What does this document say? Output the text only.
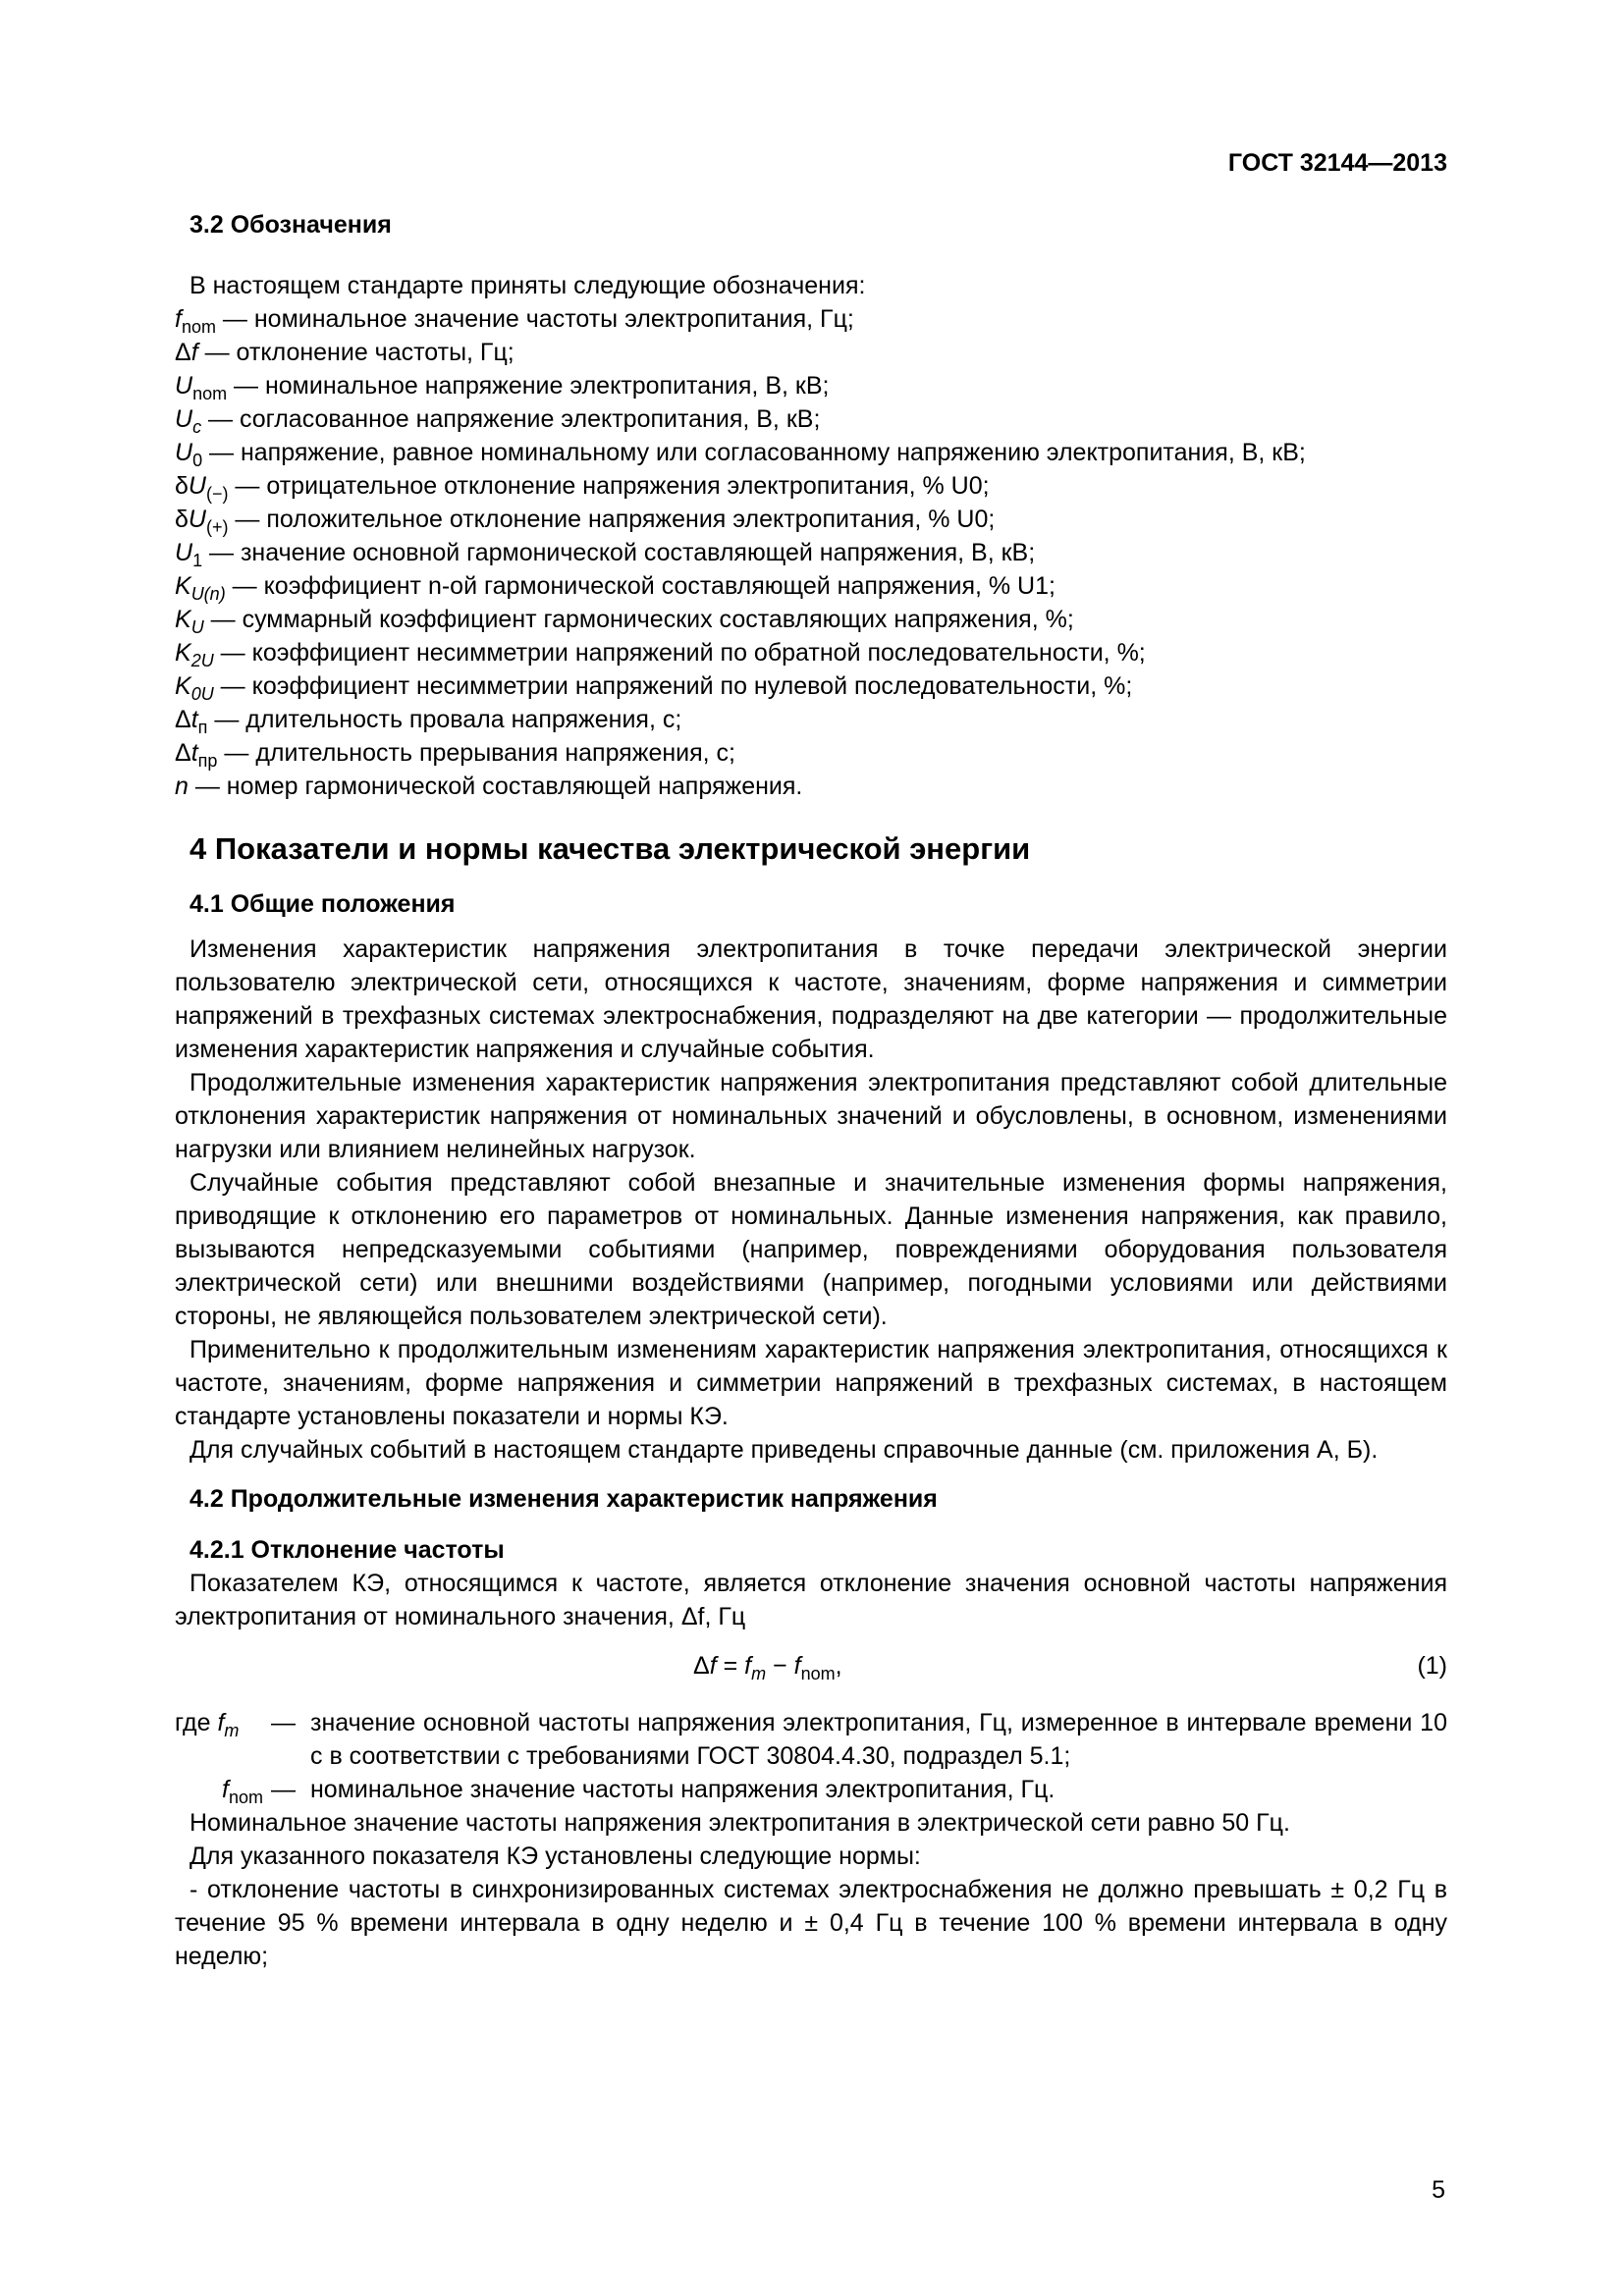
ГОСТ 32144—2013
3.2 Обозначения
В настоящем стандарте приняты следующие обозначения:
$f_{nom}$ — номинальное значение частоты электропитания, Гц;
Δf — отклонение частоты, Гц;
$U_{nom}$ — номинальное напряжение электропитания, В, кВ;
$U_c$ — согласованное напряжение электропитания, В, кВ;
$U_0$ — напряжение, равное номинальному или согласованному напряжению электропитания, В, кВ;
$\delta U_{(-)}$ — отрицательное отклонение напряжения электропитания, % U0;
$\delta U_{(+)}$ — положительное отклонение напряжения электропитания, % U0;
$U_1$ — значение основной гармонической составляющей напряжения, В, кВ;
$K_{U(n)}$ — коэффициент n-ой гармонической составляющей напряжения, % U1;
$K_U$ — суммарный коэффициент гармонических составляющих напряжения, %;
$K_{2U}$ — коэффициент несимметрии напряжений по обратной последовательности, %;
$K_{0U}$ — коэффициент несимметрии напряжений по нулевой последовательности, %;
$\Delta t_п$ — длительность провала напряжения, с;
$\Delta t_{пр}$ — длительность прерывания напряжения, с;
n — номер гармонической составляющей напряжения.
4 Показатели и нормы качества электрической энергии
4.1 Общие положения

Изменения характеристик напряжения электропитания в точке передачи электрической энергии пользователю электрической сети, относящихся к частоте, значениям, форме напряжения и симметрии напряжений в трехфазных системах электроснабжения, подразделяют на две категории — продолжительные изменения характеристик напряжения и случайные события.

Продолжительные изменения характеристик напряжения электропитания представляют собой длительные отклонения характеристик напряжения от номинальных значений и обусловлены, в основном, изменениями нагрузки или влиянием нелинейных нагрузок.

Случайные события представляют собой внезапные и значительные изменения формы напряжения, приводящие к отклонению его параметров от номинальных. Данные изменения напряжения, как правило, вызываются непредсказуемыми событиями (например, повреждениями оборудования пользователя электрической сети) или внешними воздействиями (например, погодными условиями или действиями стороны, не являющейся пользователем электрической сети).

Применительно к продолжительным изменениям характеристик напряжения электропитания, относящихся к частоте, значениям, форме напряжения и симметрии напряжений в трехфазных системах, в настоящем стандарте установлены показатели и нормы КЭ.

Для случайных событий в настоящем стандарте приведены справочные данные (см. приложения А, Б).

4.2 Продолжительные изменения характеристик напряжения
4.2.1 Отклонение частоты

Показателем КЭ, относящимся к частоте, является отклонение значения основной частоты напряжения электропитания от номинального значения, Δf, Гц

$\Delta f = f_m - f_{nom}$,	(1)
где $f_m$	— значение основной частоты напряжения электропитания, Гц, измеренное в интервале времени 10 с в соответствии с требованиями ГОСТ 30804.4.30, подраздел 5.1;
$f_{nom}$ — номинальное значение частоты напряжения электропитания, Гц.

Номинальное значение частоты напряжения электропитания в электрической сети равно 50 Гц.

Для указанного показателя КЭ установлены следующие нормы:

- отклонение частоты в синхронизированных системах электроснабжения не должно превышать ± 0,2 Гц в течение 95 % времени интервала в одну неделю и ± 0,4 Гц в течение 100 % времени интервала в одну неделю;

5
